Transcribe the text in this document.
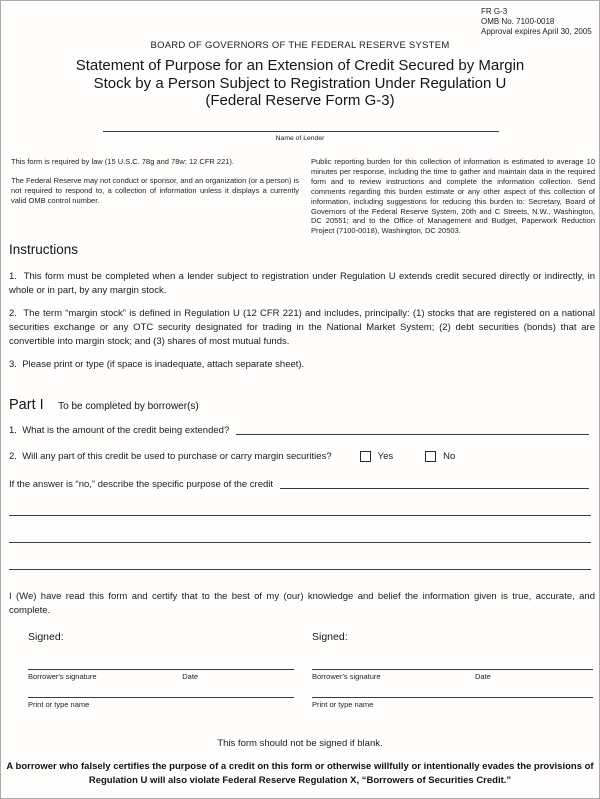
FR G-3
OMB No. 7100-0018
Approval expires April 30, 2005
BOARD OF GOVERNORS OF THE FEDERAL RESERVE SYSTEM
Statement of Purpose for an Extension of Credit Secured by Margin
Stock by a Person Subject to Registration Under Regulation U
(Federal Reserve Form G-3)
Name of Lender

This form is required by law (15 U.S.C. 78g and 78w; 12 CFR 221).

The Federal Reserve may not conduct or sponsor, and an organization (or a person) is not required to respond to, a collection of information unless it displays a currently valid OMB control number.

Public reporting burden for this collection of information is estimated to average 10 minutes per response, including the time to gather and maintain data in the required form and to review instructions and complete the information collection. Send comments regarding this burden estimate or any other aspect of this collection of information, including suggestions for reducing this burden to: Secretary, Board of Governors of the Federal Reserve System, 20th and C Streets, N.W., Washington, DC 20551; and to the Office of Management and Budget, Paperwork Reduction Project (7100-0018), Washington, DC 20503.

Instructions

1.  This form must be completed when a lender subject to registration under Regulation U extends credit secured directly or indirectly, in whole or in part, by any margin stock.

2.  The term “margin stock” is defined in Regulation U (12 CFR 221) and includes, principally: (1) stocks that are registered on a national securities exchange or any OTC security designated for trading in the National Market System; (2) debt securities (bonds) that are convertible into margin stock; and (3) shares of most mutual funds.

3.  Please print or type (if space is inadequate, attach separate sheet).

Part I To be completed by borrower(s)
1.  What is the amount of the credit being extended?
2.  Will any part of this credit be used to purchase or carry margin securities?	Yes	No
If the answer is “no,” describe the specific purpose of the credit

I (We) have read this form and certify that to the best of my (our) knowledge and belief the information given is true, accurate, and complete.

Signed:
Borrower's signature	Date
Print or type name
Signed:
Borrower's signature	Date
Print or type name
This form should not be signed if blank.
A borrower who falsely certifies the purpose of a credit on this form or otherwise willfully or intentionally evades the provisions of Regulation U will also violate Federal Reserve Regulation X, “Borrowers of Securities Credit.”
